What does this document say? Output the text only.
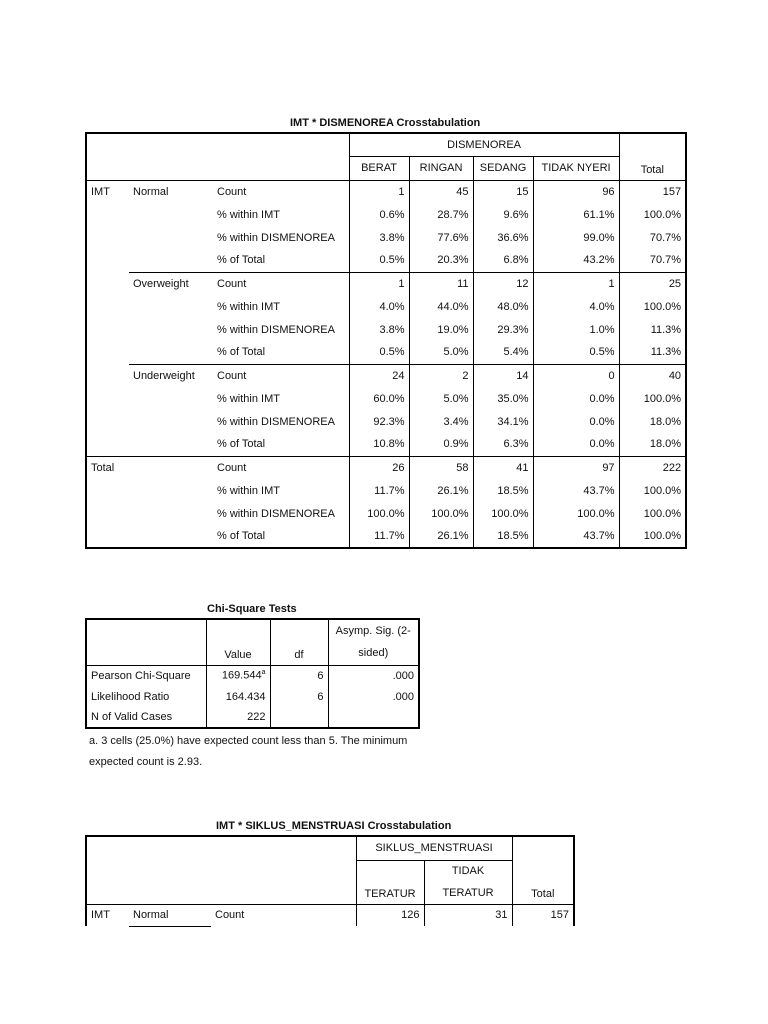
IMT * DISMENOREA Crosstabulation
			DISMENOREA				Total

			BERAT	RINGAN	SEDANG	TIDAK NYERI	
IMT	Normal	Count	1	45	15	96	157
		% within IMT	0.6%	28.7%	9.6%	61.1%	100.0%
		% within DISMENOREA	3.8%	77.6%	36.6%	99.0%	70.7%
		% of Total	0.5%	20.3%	6.8%	43.2%	70.7%
	Overweight	Count	1	11	12	1	25
		% within IMT	4.0%	44.0%	48.0%	4.0%	100.0%
		% within DISMENOREA	3.8%	19.0%	29.3%	1.0%	11.3%
		% of Total	0.5%	5.0%	5.4%	0.5%	11.3%
	Underweight	Count	24	2	14	0	40
		% within IMT	60.0%	5.0%	35.0%	0.0%	100.0%
		% within DISMENOREA	92.3%	3.4%	34.1%	0.0%	18.0%
		% of Total	10.8%	0.9%	6.3%	0.0%	18.0%
Total		Count	26	58	41	97	222
		% within IMT	11.7%	26.1%	18.5%	43.7%	100.0%
		% within DISMENOREA	100.0%	100.0%	100.0%	100.0%	100.0%
		% of Total	11.7%	26.1%	18.5%	43.7%	100.0%
Chi-Square Tests

	Value	df	Asymp. Sig. (2-
			sided)
Pearson Chi-Square	169.544$^a$	6	.000
Likelihood Ratio	164.434	6	.000
N of Valid Cases	222		
a. 3 cells (25.0%) have expected count less than 5. The minimum
expected count is 2.93.
IMT * SIKLUS_MENSTRUASI Crosstabulation
			SIKLUS_MENSTRUASI		Total

			TERATUR	TIDAK	
				TERATUR	
IMT	Normal	Count	126	31	157
